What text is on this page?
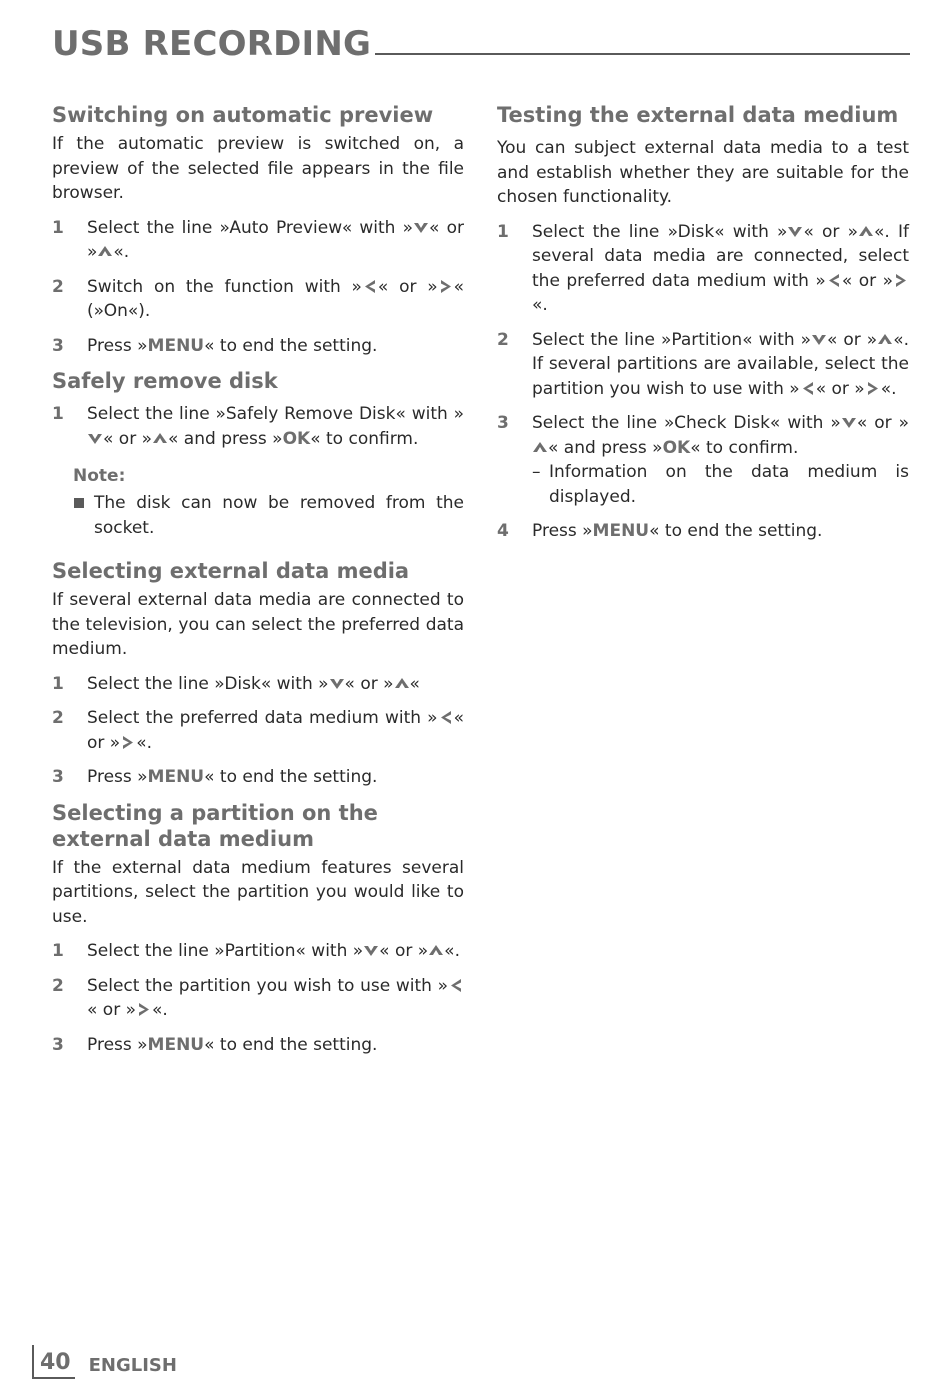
USB RECORDING
Switching on automatic preview

If the automatic preview is switched on, a preview of the selected file appears in the file browser.

1	Select the line »Auto Preview« with » « or » «.
2	Switch on the function with » « or » « (»On«).
3	Press »MENU« to end the setting.
Safely remove disk
1	Select the line »Safely Remove Disk« with »
« or » « and press »OK« to confirm.
Note:
The disk can now be removed from the socket.
Selecting external data media

If several external data media are connected to the television, you can select the preferred data medium.

1	Select the line »Disk« with » « or » «
2	Select the preferred data medium with » « or » «.
3	Press »MENU« to end the setting.
Selecting a partition on the external data medium

If the external data medium features several partitions, select the partition you would like to use.

1	Select the line »Partition« with » « or » «.
2	Select the partition you wish to use with »
« or » «.
3	Press »MENU« to end the setting.
Testing the external data medium

You can subject external data media to a test and establish whether they are suitable for the chosen functionality.

1	Select the line »Disk« with » « or » «. If several data media are connected, select the preferred data medium with » « or »
«.
2	Select the line »Partition« with » « or » «. If several partitions are available, select the partition you wish to use with » « or » «.
3	Select the line »Check Disk« with » « or »
« and press »OK« to confirm.
– Information on the data medium is displayed.
4	Press »MENU« to end the setting.
40 ENGLISH
